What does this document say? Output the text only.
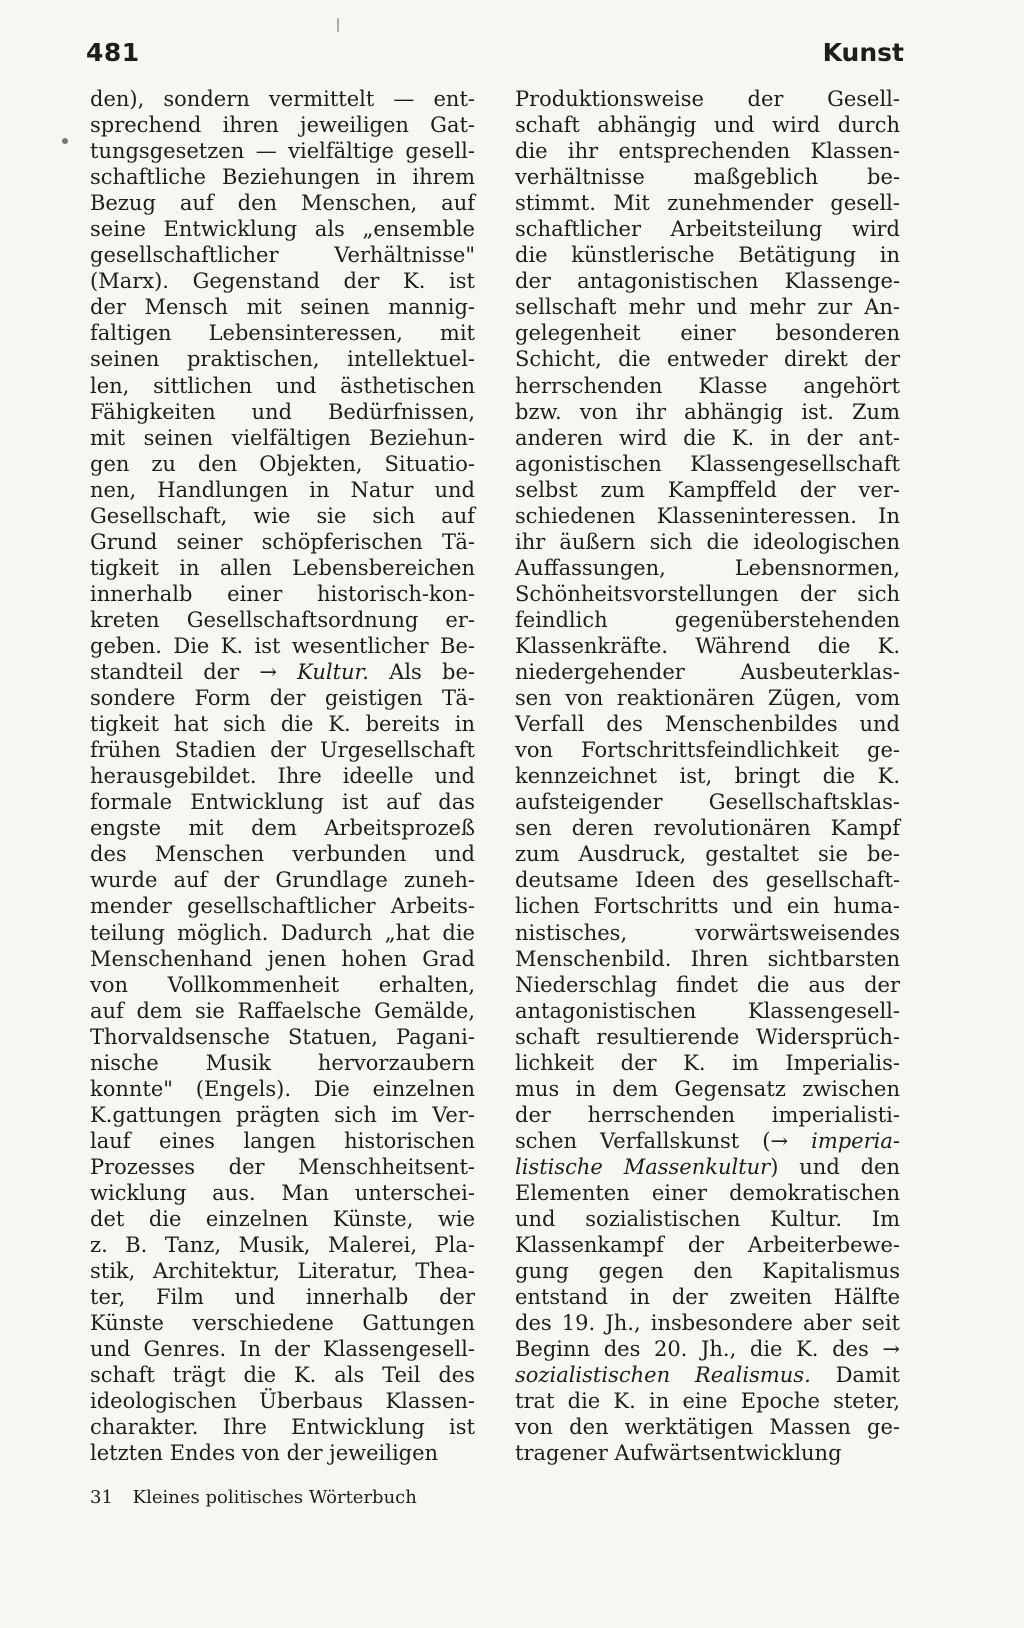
481	Kunst
den), sondern vermittelt — ent-
sprechend ihren jeweiligen Gat-
tungsgesetzen — vielfältige gesell-
schaftliche Beziehungen in ihrem
Bezug auf den Menschen, auf
seine Entwicklung als „ensemble
gesellschaftlicher Verhältnisse"
(Marx). Gegenstand der K. ist
der Mensch mit seinen mannig-
faltigen Lebensinteressen, mit
seinen praktischen, intellektuel-
len, sittlichen und ästhetischen
Fähigkeiten und Bedürfnissen,
mit seinen vielfältigen Beziehun-
gen zu den Objekten, Situatio-
nen, Handlungen in Natur und
Gesellschaft, wie sie sich auf
Grund seiner schöpferischen Tä-
tigkeit in allen Lebensbereichen
innerhalb einer historisch-kon-
kreten Gesellschaftsordnung er-
geben. Die K. ist wesentlicher Be-
standteil der → Kultur. Als be-
sondere Form der geistigen Tä-
tigkeit hat sich die K. bereits in
frühen Stadien der Urgesellschaft
herausgebildet. Ihre ideelle und
formale Entwicklung ist auf das
engste mit dem Arbeitsprozeß
des Menschen verbunden und
wurde auf der Grundlage zuneh-
mender gesellschaftlicher Arbeits-
teilung möglich. Dadurch „hat die
Menschenhand jenen hohen Grad
von Vollkommenheit erhalten,
auf dem sie Raffaelsche Gemälde,
Thorvaldsensche Statuen, Pagani-
nische Musik hervorzaubern
konnte" (Engels). Die einzelnen
K.gattungen prägten sich im Ver-
lauf eines langen historischen
Prozesses der Menschheitsent-
wicklung aus. Man unterschei-
det die einzelnen Künste, wie
z. B. Tanz, Musik, Malerei, Pla-
stik, Architektur, Literatur, Thea-
ter, Film und innerhalb der
Künste verschiedene Gattungen
und Genres. In der Klassengesell-
schaft trägt die K. als Teil des
ideologischen Überbaus Klassen-
charakter. Ihre Entwicklung ist
letzten Endes von der jeweiligen
Produktionsweise der Gesell-
schaft abhängig und wird durch
die ihr entsprechenden Klassen-
verhältnisse maßgeblich be-
stimmt. Mit zunehmender gesell-
schaftlicher Arbeitsteilung wird
die künstlerische Betätigung in
der antagonistischen Klassenge-
sellschaft mehr und mehr zur An-
gelegenheit einer besonderen
Schicht, die entweder direkt der
herrschenden Klasse angehört
bzw. von ihr abhängig ist. Zum
anderen wird die K. in der ant-
agonistischen Klassengesellschaft
selbst zum Kampffeld der ver-
schiedenen Klasseninteressen. In
ihr äußern sich die ideologischen
Auffassungen, Lebensnormen,
Schönheitsvorstellungen der sich
feindlich gegenüberstehenden
Klassenkräfte. Während die K.
niedergehender Ausbeuterklas-
sen von reaktionären Zügen, vom
Verfall des Menschenbildes und
von Fortschrittsfeindlichkeit ge-
kennzeichnet ist, bringt die K.
aufsteigender Gesellschaftsklas-
sen deren revolutionären Kampf
zum Ausdruck, gestaltet sie be-
deutsame Ideen des gesellschaft-
lichen Fortschritts und ein huma-
nistisches, vorwärtsweisendes
Menschenbild. Ihren sichtbarsten
Niederschlag findet die aus der
antagonistischen Klassengesell-
schaft resultierende Widersprüch-
lichkeit der K. im Imperialis-
mus in dem Gegensatz zwischen
der herrschenden imperialisti-
schen Verfallskunst (→ imperia-
listische Massenkultur) und den
Elementen einer demokratischen
und sozialistischen Kultur. Im
Klassenkampf der Arbeiterbewe-
gung gegen den Kapitalismus
entstand in der zweiten Hälfte
des 19. Jh., insbesondere aber seit
Beginn des 20. Jh., die K. des →
sozialistischen Realismus. Damit
trat die K. in eine Epoche steter,
von den werktätigen Massen ge-
tragener Aufwärtsentwicklung
31 Kleines politisches Wörterbuch
